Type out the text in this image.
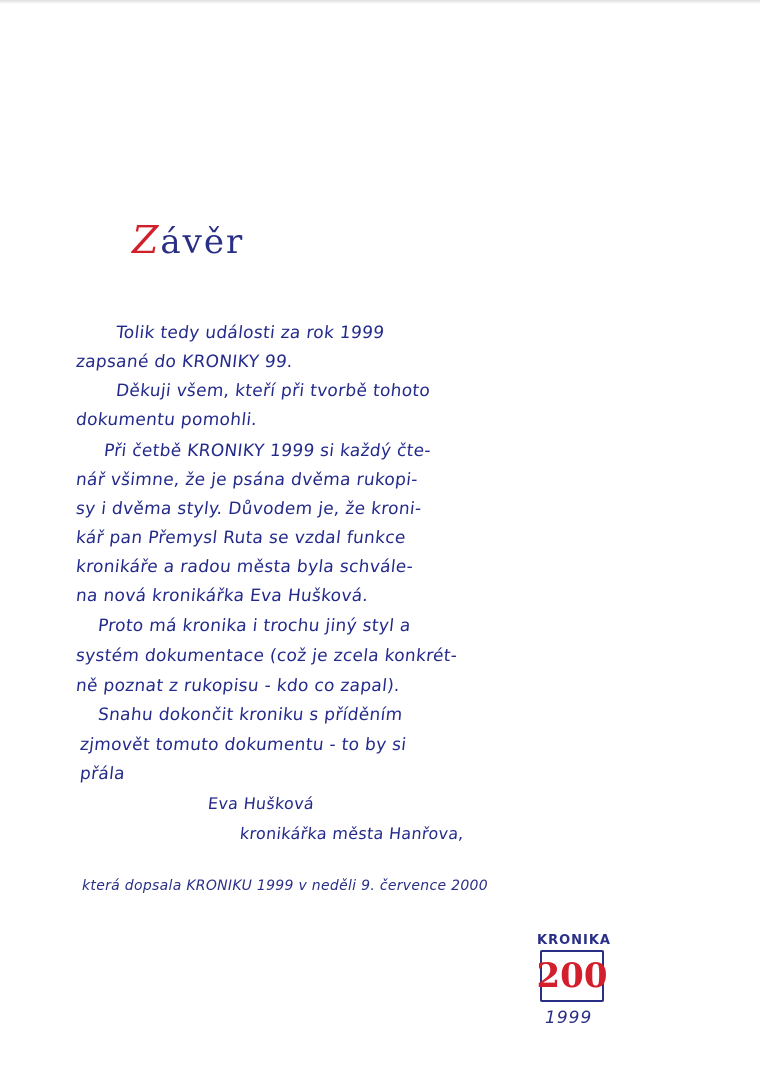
Závěr
Tolik tedy události za rok 1999
zapsané do KRONIKY 99.
Děkuji všem, kteří při tvorbě tohoto
dokumentu pomohli.
Při četbě KRONIKY 1999 si každý čte-
nář všimne, že je psána dvěma rukopi-
sy i dvěma styly. Důvodem je, že kroni-
kář pan Přemysl Ruta se vzdal funkce
kronikáře a radou města byla schvále-
na nová kronikářka Eva Hušková.
Proto má kronika i trochu jiný styl a
systém dokumentace (což je zcela konkrét-
ně poznat z rukopisu - kdo co zapal).
Snahu dokončit kroniku s příděním
zjmovět tomuto dokumentu - to by si
přála
Eva Hušková
kronikářka města Hanřova,
která dopsala KRONIKU 1999 v neděli 9. července 2000
KRONIKA
200
1999
